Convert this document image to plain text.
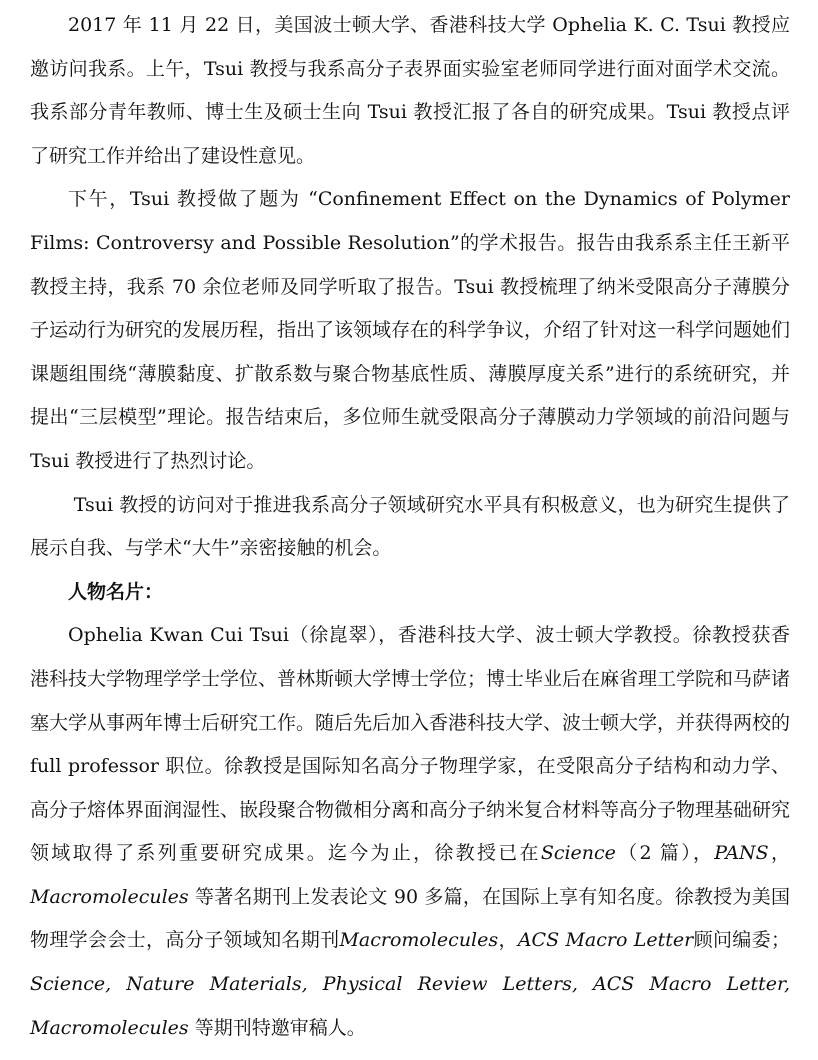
2017 年 11 月 22 日，美国波士顿大学、香港科技大学 Ophelia K. C. Tsui 教授应邀访问我系。上午，Tsui 教授与我系高分子表界面实验室老师同学进行面对面学术交流。我系部分青年教师、博士生及硕士生向 Tsui 教授汇报了各自的研究成果。Tsui 教授点评了研究工作并给出了建设性意见。

下午，Tsui 教授做了题为 “Confinement Effect on the Dynamics of Polymer Films: Controversy and Possible Resolution”的学术报告。报告由我系系主任王新平教授主持，我系 70 余位老师及同学听取了报告。Tsui 教授梳理了纳米受限高分子薄膜分子运动行为研究的发展历程，指出了该领域存在的科学争议，介绍了针对这一科学问题她们课题组围绕“薄膜黏度、扩散系数与聚合物基底性质、薄膜厚度关系”进行的系统研究，并提出“三层模型”理论。报告结束后，多位师生就受限高分子薄膜动力学领域的前沿问题与 Tsui 教授进行了热烈讨论。

Tsui 教授的访问对于推进我系高分子领域研究水平具有积极意义，也为研究生提供了展示自我、与学术“大牛”亲密接触的机会。

人物名片：

Ophelia Kwan Cui Tsui（徐崑翠），香港科技大学、波士顿大学教授。徐教授获香港科技大学物理学学士学位、普林斯顿大学博士学位；博士毕业后在麻省理工学院和马萨诸塞大学从事两年博士后研究工作。随后先后加入香港科技大学、波士顿大学，并获得两校的 full professor 职位。徐教授是国际知名高分子物理学家，在受限高分子结构和动力学、高分子熔体界面润湿性、嵌段聚合物微相分离和高分子纳米复合材料等高分子物理基础研究领域取得了系列重要研究成果。迄今为止，徐教授已在Science（2 篇），PANS，Macromolecules 等著名期刊上发表论文 90 多篇，在国际上享有知名度。徐教授为美国物理学会会士，高分子领域知名期刊Macromolecules，ACS Macro Letter顾问编委；Science, Nature Materials, Physical Review Letters, ACS Macro Letter, Macromolecules 等期刊特邀审稿人。
